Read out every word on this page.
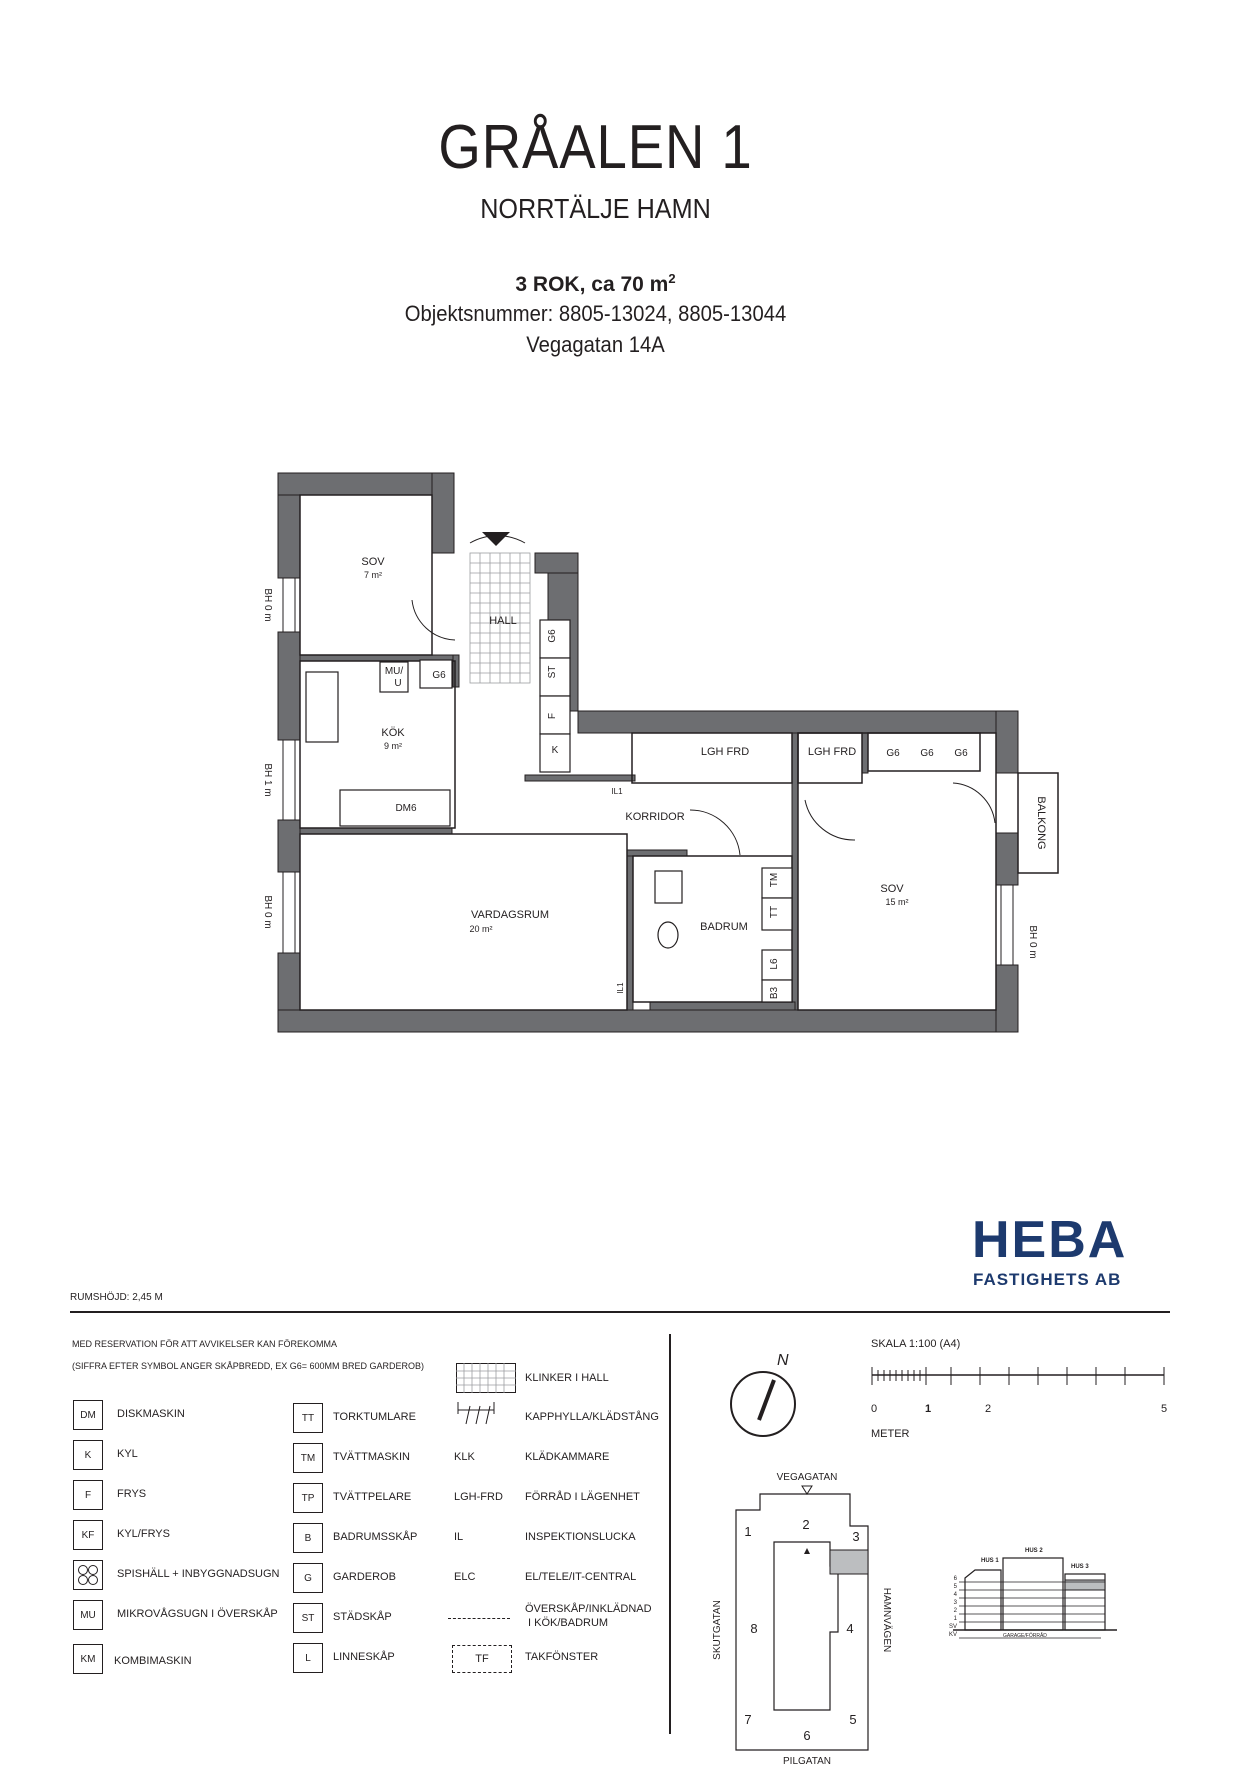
GRÅALEN 1
NORRTÄLJE HAMN
3 ROK, ca 70 $m^2$
Objektsnummer: 8805-13024, 8805-13044
Vegagatan 14A
SOV
7 m²
HALL
KÖK
9 m²
VARDAGSRUM
20 m²
KORRIDOR
BADRUM
SOV
15 m²
LGH FRD	LGH FRD
BALKONG
G6 G6 G6
G6
G6
ST
F
K
MU/
U
DM6
IL1
IL1
TM
TT
L6
B3
BH 0 m
BH 1 m
BH 0 m
BH 0 m
HEBA
FASTIGHETS AB
RUMSHÖJD: 2,45 M
MED RESERVATION FÖR ATT AVVIKELSER KAN FÖREKOMMA
(SIFFRA EFTER SYMBOL ANGER SKÅPBREDD, EX G6= 600MM BRED GARDEROB)
DM	DISKMASKIN
K	KYL
F	FRYS
KF	KYL/FRYS
SPISHÄLL + INBYGGNADSUGN
MU	MIKROVÅGSUGN I ÖVERSKÅP
KM	KOMBIMASKIN
TT	TORKTUMLARE
TM	TVÄTTMASKIN
TP	TVÄTTPELARE
B	BADRUMSSKÅP
G	GARDEROB
ST	STÄDSKÅP
L	LINNESKÅP
KLINKER I HALL
KAPPHYLLA/KLÄDSTÅNG
KLK	KLÄDKAMMARE
LGH-FRD FÖRRÅD I LÄGENHET
IL	INSPEKTIONSLUCKA
ELC	EL/TELE/IT-CENTRAL
ÖVERSKÅP/INKLÄDNAD
I KÖK/BADRUM
TF	TAKFÖNSTER
N
SKALA 1:100 (A4)
0	1	2	5
METER
1	2
3
4
5
6
7
8
VEGAGATAN
PILGATAN
SKUTGATAN	HAMNVÄGEN
HUS 1
HUS 2
HUS 3
6
5
4
3
2
1
SV
KV	GARAGE/FÖRRÅD
